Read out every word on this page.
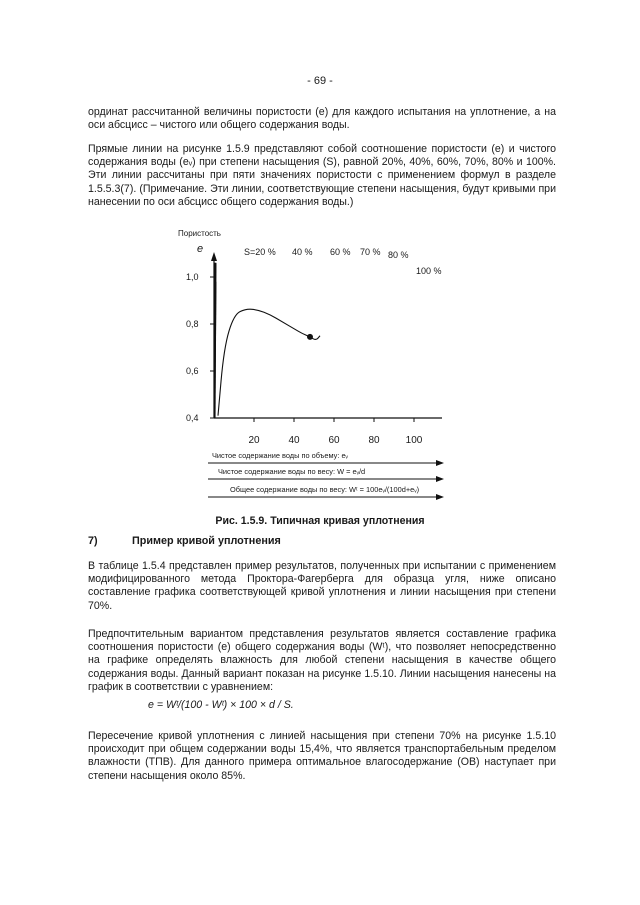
- 69 -

ординат рассчитанной величины пористости (е) для каждого испытания на уплотнение, а на оси абсцисс – чистого или общего содержания воды.

Прямые линии на рисунке 1.5.9 представляют собой соотношение пористости (е) и чистого содержания воды (eᵥ) при степени насыщения (S), равной 20%, 40%, 60%, 70%, 80% и 100%. Эти линии рассчитаны при пяти значениях пористости с применением формул в разделе 1.5.5.3(7). (Примечание. Эти линии, соответствующие степени насыщения, будут кривыми при нанесении по оси абсцисс общего содержания воды.)

Пористость
e
1,0
0,8
0,6
0,4
20	40	60	80	100
S=20 % 40 % 60 % 70 % 80 %
100 %
Чистое содержание воды по объему: eᵥ
Чистое содержание воды по весу: W = eᵥ/d
Общее содержание воды по весу: Wᵗ = 100eᵥ/(100d+eᵥ)
Рис. 1.5.9. Типичная кривая уплотнения
7)	Пример кривой уплотнения

В таблице 1.5.4 представлен пример результатов, полученных при испытании с применением модифицированного метода Проктора-Фагерберга для образца угля, ниже описано составление графика соответствующей кривой уплотнения и линии насыщения при степени 70%.

Предпочтительным вариантом представления результатов является составление графика соотношения пористости (е) общего содержания воды (Wᵗ), что позволяет непосредственно на графике определять влажность для любой степени насыщения в качестве общего содержания воды. Данный вариант показан на рисунке 1.5.10. Линии насыщения нанесены на график в соответствии с уравнением:

e = Wᵗ/(100 - Wᵗ) × 100 × d / S.

Пересечение кривой уплотнения с линией насыщения при степени 70% на рисунке 1.5.10 происходит при общем содержании воды 15,4%, что является транспортабельным пределом влажности (ТПВ). Для данного примера оптимальное влагосодержание (ОВ) наступает при степени насыщения около 85%.
